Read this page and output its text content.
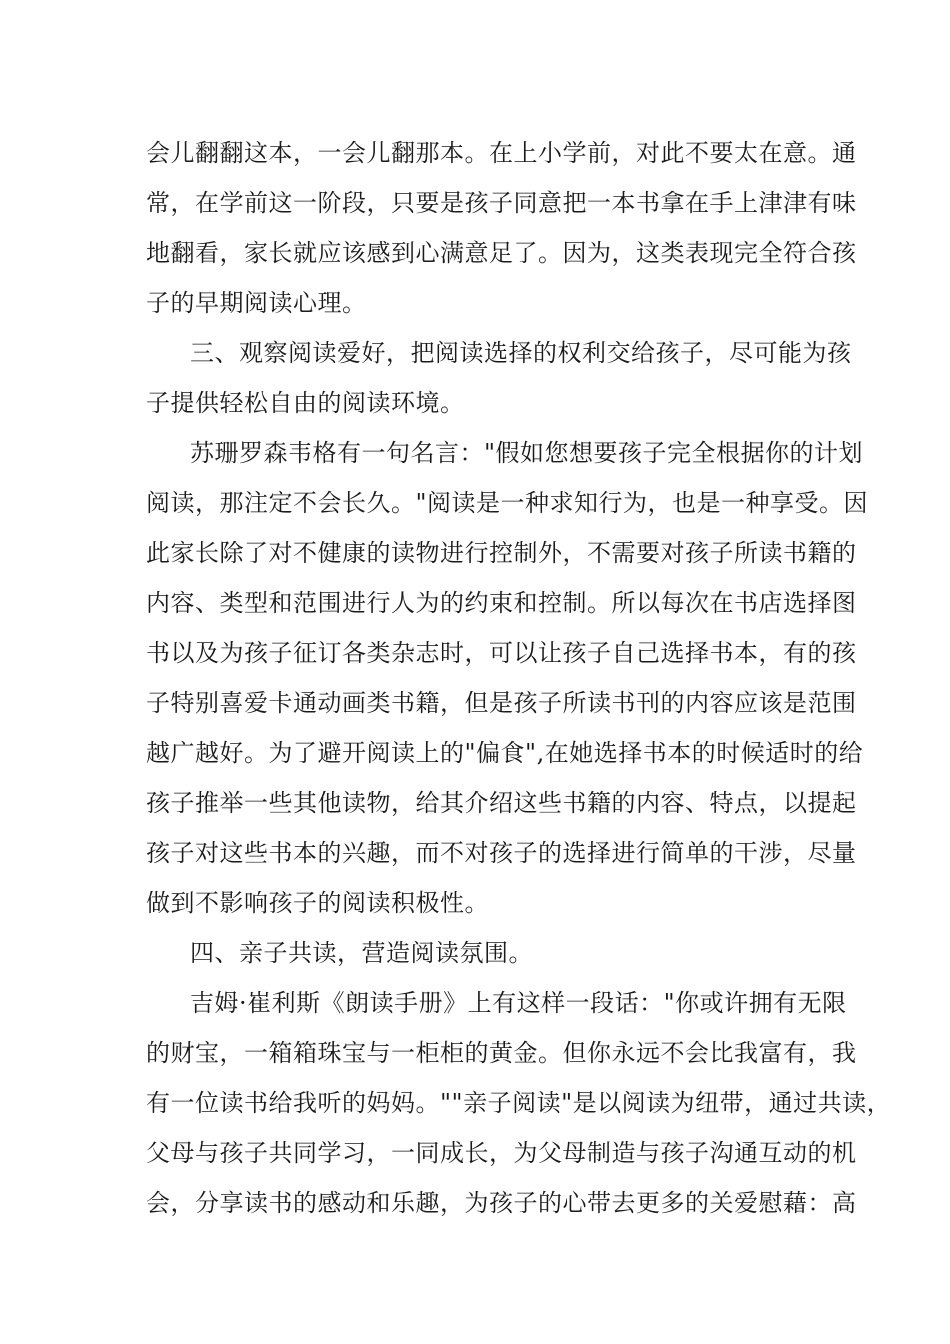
会儿翻翻这本，一会儿翻那本。在上小学前，对此不要太在意。通
常，在学前这一阶段，只要是孩子同意把一本书拿在手上津津有味
地翻看，家长就应该感到心满意足了。因为，这类表现完全符合孩
子的早期阅读心理。
三、观察阅读爱好，把阅读选择的权利交给孩子，尽可能为孩
子提供轻松自由的阅读环境。
苏珊罗森韦格有一句名言："假如您想要孩子完全根据你的计划
阅读，那注定不会长久。"阅读是一种求知行为，也是一种享受。因
此家长除了对不健康的读物进行控制外，不需要对孩子所读书籍的
内容、类型和范围进行人为的约束和控制。所以每次在书店选择图
书以及为孩子征订各类杂志时，可以让孩子自己选择书本，有的孩
子特别喜爱卡通动画类书籍，但是孩子所读书刊的内容应该是范围
越广越好。为了避开阅读上的"偏食",在她选择书本的时候适时的给
孩子推举一些其他读物，给其介绍这些书籍的内容、特点，以提起
孩子对这些书本的兴趣，而不对孩子的选择进行简单的干涉，尽量
做到不影响孩子的阅读积极性。
四、亲子共读，营造阅读氛围。
吉姆·崔利斯《朗读手册》上有这样一段话："你或许拥有无限
的财宝，一箱箱珠宝与一柜柜的黄金。但你永远不会比我富有，我
有一位读书给我听的妈妈。""亲子阅读"是以阅读为纽带，通过共读，
父母与孩子共同学习，一同成长，为父母制造与孩子沟通互动的机
会，分享读书的感动和乐趣，为孩子的心带去更多的关爱慰藉：高
